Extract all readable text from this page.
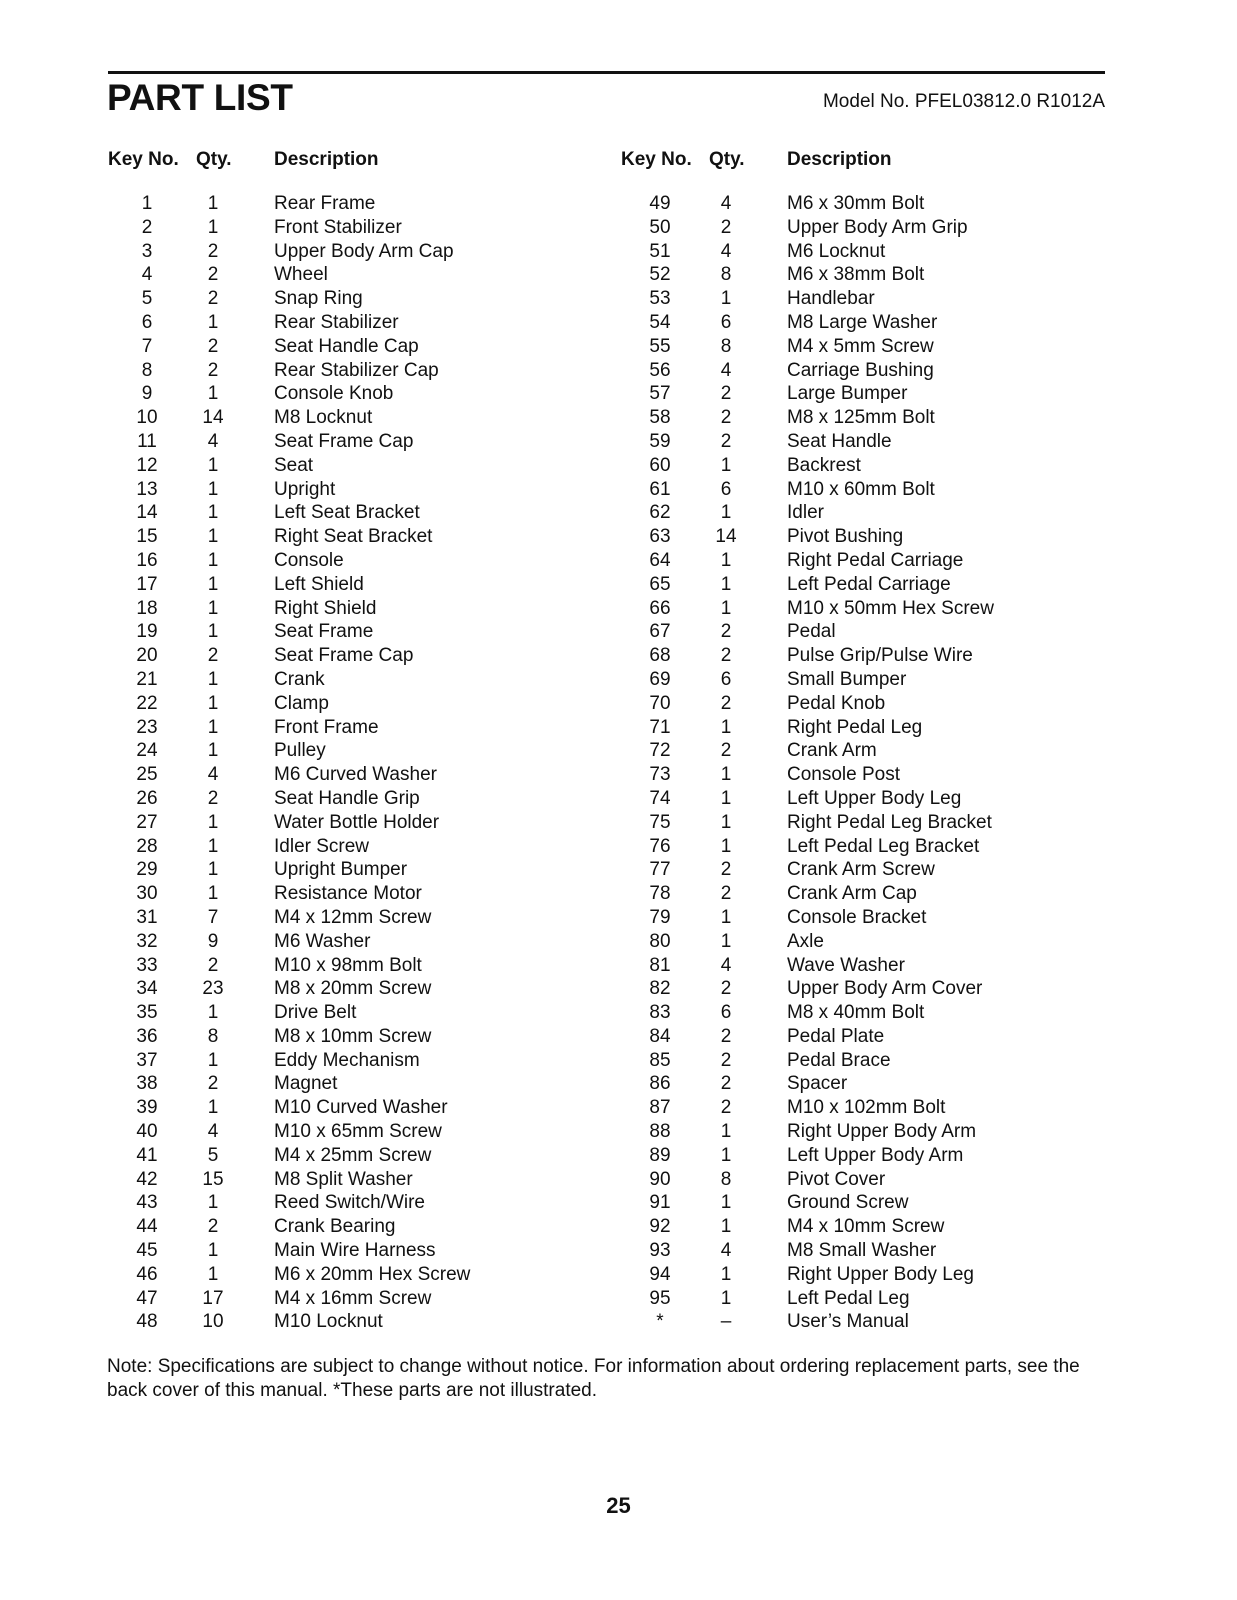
PART LIST	Model No. PFEL03812.0 R1012A
Key No. Qty. Description
1	1	Rear Frame
2	1	Front Stabilizer
3	2	Upper Body Arm Cap
4	2	Wheel
5	2	Snap Ring
6	1	Rear Stabilizer
7	2	Seat Handle Cap
8	2	Rear Stabilizer Cap
9	1	Console Knob
10	14	M8 Locknut
11	4	Seat Frame Cap
12	1	Seat
13	1	Upright
14	1	Left Seat Bracket
15	1	Right Seat Bracket
16	1	Console
17	1	Left Shield
18	1	Right Shield
19	1	Seat Frame
20	2	Seat Frame Cap
21	1	Crank
22	1	Clamp
23	1	Front Frame
24	1	Pulley
25	4	M6 Curved Washer
26	2	Seat Handle Grip
27	1	Water Bottle Holder
28	1	Idler Screw
29	1	Upright Bumper
30	1	Resistance Motor
31	7	M4 x 12mm Screw
32	9	M6 Washer
33	2	M10 x 98mm Bolt
34	23	M8 x 20mm Screw
35	1	Drive Belt
36	8	M8 x 10mm Screw
37	1	Eddy Mechanism
38	2	Magnet
39	1	M10 Curved Washer
40	4	M10 x 65mm Screw
41	5	M4 x 25mm Screw
42	15	M8 Split Washer
43	1	Reed Switch/Wire
44	2	Crank Bearing
45	1	Main Wire Harness
46	1	M6 x 20mm Hex Screw
47	17	M4 x 16mm Screw
48	10	M10 Locknut
Key No. Qty. Description
49	4	M6 x 30mm Bolt
50	2	Upper Body Arm Grip
51	4	M6 Locknut
52	8	M6 x 38mm Bolt
53	1	Handlebar
54	6	M8 Large Washer
55	8	M4 x 5mm Screw
56	4	Carriage Bushing
57	2	Large Bumper
58	2	M8 x 125mm Bolt
59	2	Seat Handle
60	1	Backrest
61	6	M10 x 60mm Bolt
62	1	Idler
63	14	Pivot Bushing
64	1	Right Pedal Carriage
65	1	Left Pedal Carriage
66	1	M10 x 50mm Hex Screw
67	2	Pedal
68	2	Pulse Grip/Pulse Wire
69	6	Small Bumper
70	2	Pedal Knob
71	1	Right Pedal Leg
72	2	Crank Arm
73	1	Console Post
74	1	Left Upper Body Leg
75	1	Right Pedal Leg Bracket
76	1	Left Pedal Leg Bracket
77	2	Crank Arm Screw
78	2	Crank Arm Cap
79	1	Console Bracket
80	1	Axle
81	4	Wave Washer
82	2	Upper Body Arm Cover
83	6	M8 x 40mm Bolt
84	2	Pedal Plate
85	2	Pedal Brace
86	2	Spacer
87	2	M10 x 102mm Bolt
88	1	Right Upper Body Arm
89	1	Left Upper Body Arm
90	8	Pivot Cover
91	1	Ground Screw
92	1	M4 x 10mm Screw
93	4	M8 Small Washer
94	1	Right Upper Body Leg
95	1	Left Pedal Leg
*	–	User’s Manual
Note: Specifications are subject to change without notice. For information about ordering replacement parts, see the back cover of this manual. *These parts are not illustrated.
25
